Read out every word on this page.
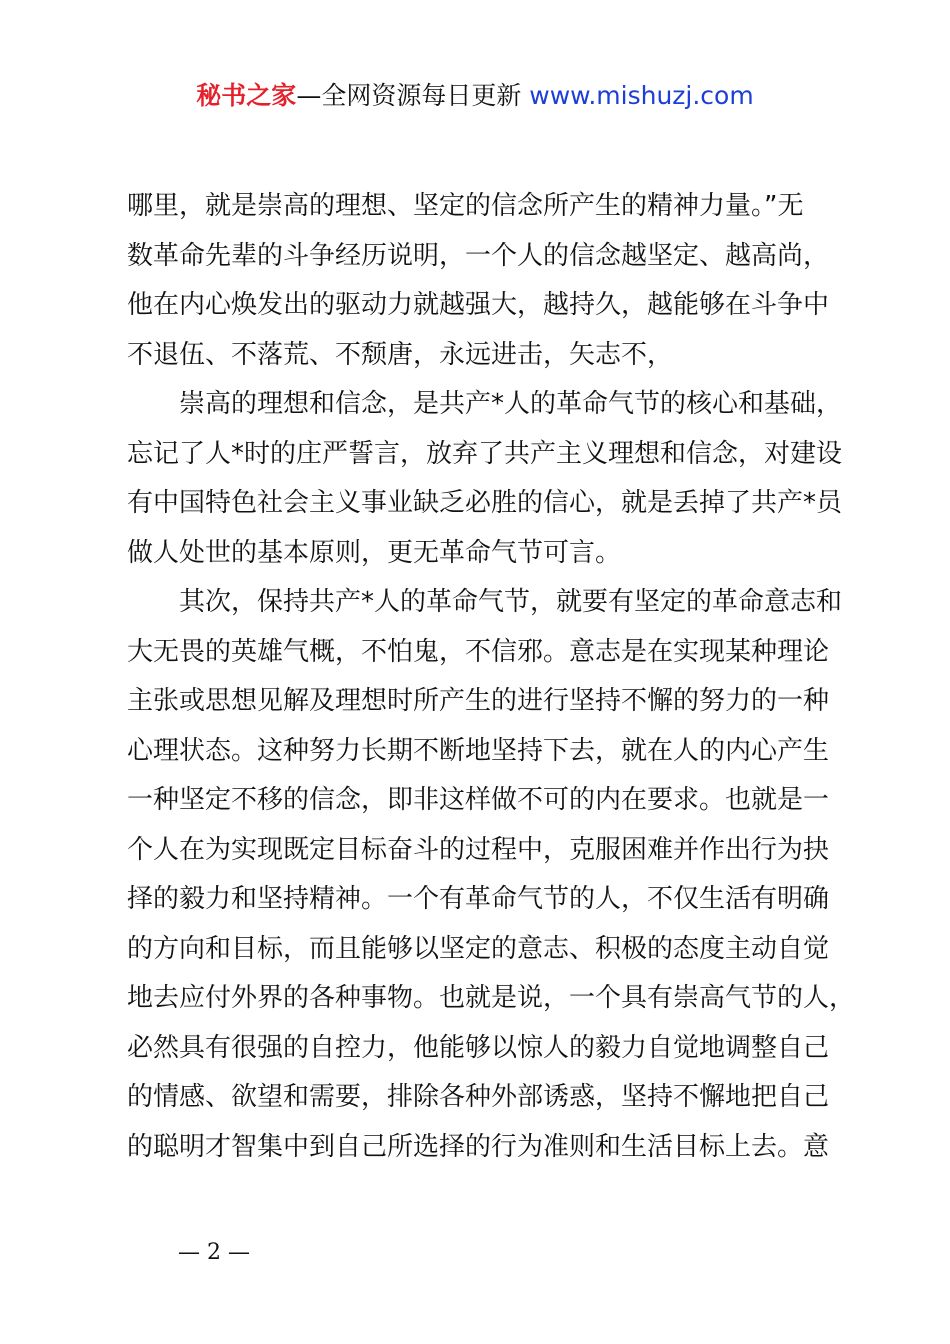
秘书之家—全网资源每日更新 www.mishuzj.com
哪里，就是崇高的理想、坚定的信念所产生的精神力量。”无
数革命先辈的斗争经历说明，一个人的信念越坚定、越高尚，
他在内心焕发出的驱动力就越强大，越持久，越能够在斗争中
不退伍、不落荒、不颓唐，永远进击，矢志不，
崇高的理想和信念，是共产*人的革命气节的核心和基础，
忘记了人*时的庄严誓言，放弃了共产主义理想和信念，对建设
有中国特色社会主义事业缺乏必胜的信心，就是丢掉了共产*员
做人处世的基本原则，更无革命气节可言。
其次，保持共产*人的革命气节，就要有坚定的革命意志和
大无畏的英雄气概，不怕鬼，不信邪。意志是在实现某种理论
主张或思想见解及理想时所产生的进行坚持不懈的努力的一种
心理状态。这种努力长期不断地坚持下去，就在人的内心产生
一种坚定不移的信念，即非这样做不可的内在要求。也就是一
个人在为实现既定目标奋斗的过程中，克服困难并作出行为抉
择的毅力和坚持精神。一个有革命气节的人，不仅生活有明确
的方向和目标，而且能够以坚定的意志、积极的态度主动自觉
地去应付外界的各种事物。也就是说，一个具有崇高气节的人，
必然具有很强的自控力，他能够以惊人的毅力自觉地调整自己
的情感、欲望和需要，排除各种外部诱惑，坚持不懈地把自己
的聪明才智集中到自己所选择的行为准则和生活目标上去。意
— 2 —
